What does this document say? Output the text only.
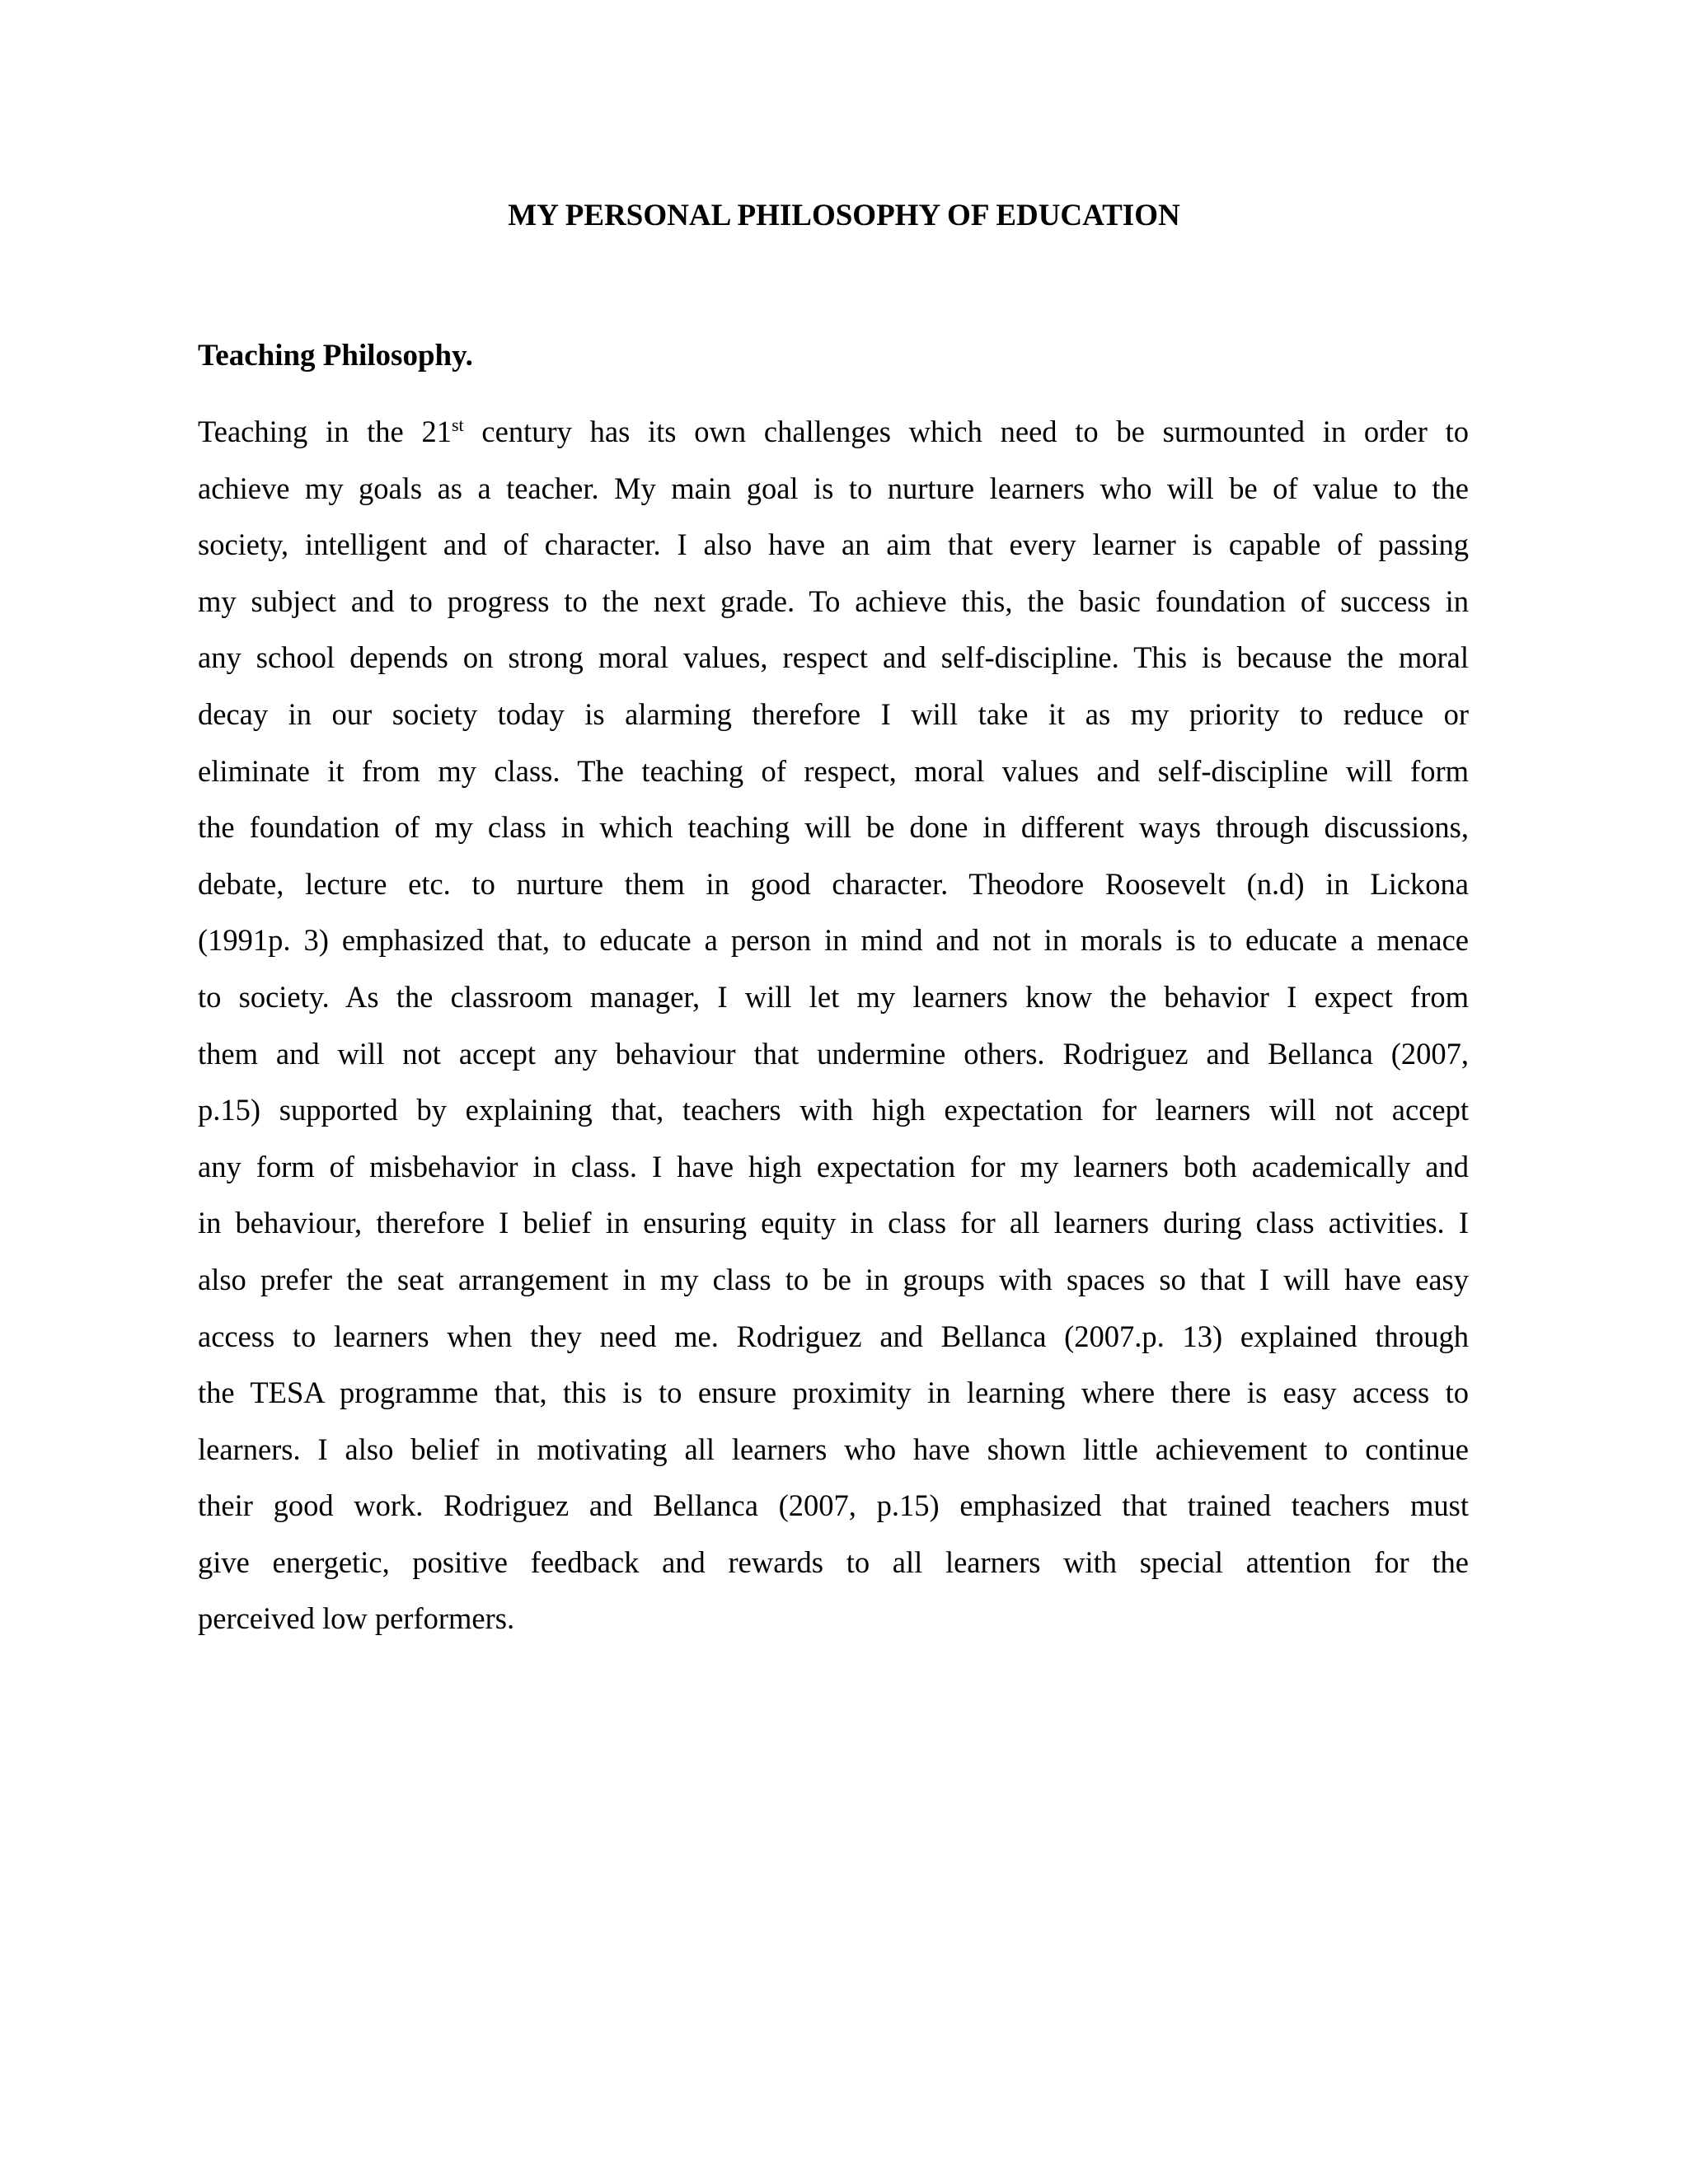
MY PERSONAL PHILOSOPHY OF EDUCATION
Teaching Philosophy.
Teaching in the 21st century has its own challenges which need to be surmounted in order to
achieve my goals as a teacher. My main goal is to nurture learners who will be of value to the
society, intelligent and of character. I also have an aim that every learner is capable of passing
my subject and to progress to the next grade. To achieve this, the basic foundation of success in
any school depends on strong moral values, respect and self-discipline. This is because the moral
decay in our society today is alarming therefore I will take it as my priority to reduce or
eliminate it from my class. The teaching of respect, moral values and self-discipline will form
the foundation of my class in which teaching will be done in different ways through discussions,
debate, lecture etc. to nurture them in good character. Theodore Roosevelt (n.d) in Lickona
(1991p. 3) emphasized that, to educate a person in mind and not in morals is to educate a menace
to society. As the classroom manager, I will let my learners know the behavior I expect from
them and will not accept any behaviour that undermine others. Rodriguez and Bellanca (2007,
p.15) supported by explaining that, teachers with high expectation for learners will not accept
any form of misbehavior in class. I have high expectation for my learners both academically and
in behaviour, therefore I belief in ensuring equity in class for all learners during class activities. I
also prefer the seat arrangement in my class to be in groups with spaces so that I will have easy
access to learners when they need me. Rodriguez and Bellanca (2007.p. 13) explained through
the TESA programme that, this is to ensure proximity in learning where there is easy access to
learners. I also belief in motivating all learners who have shown little achievement to continue
their good work. Rodriguez and Bellanca (2007, p.15) emphasized that trained teachers must
give energetic, positive feedback and rewards to all learners with special attention for the
perceived low performers.
